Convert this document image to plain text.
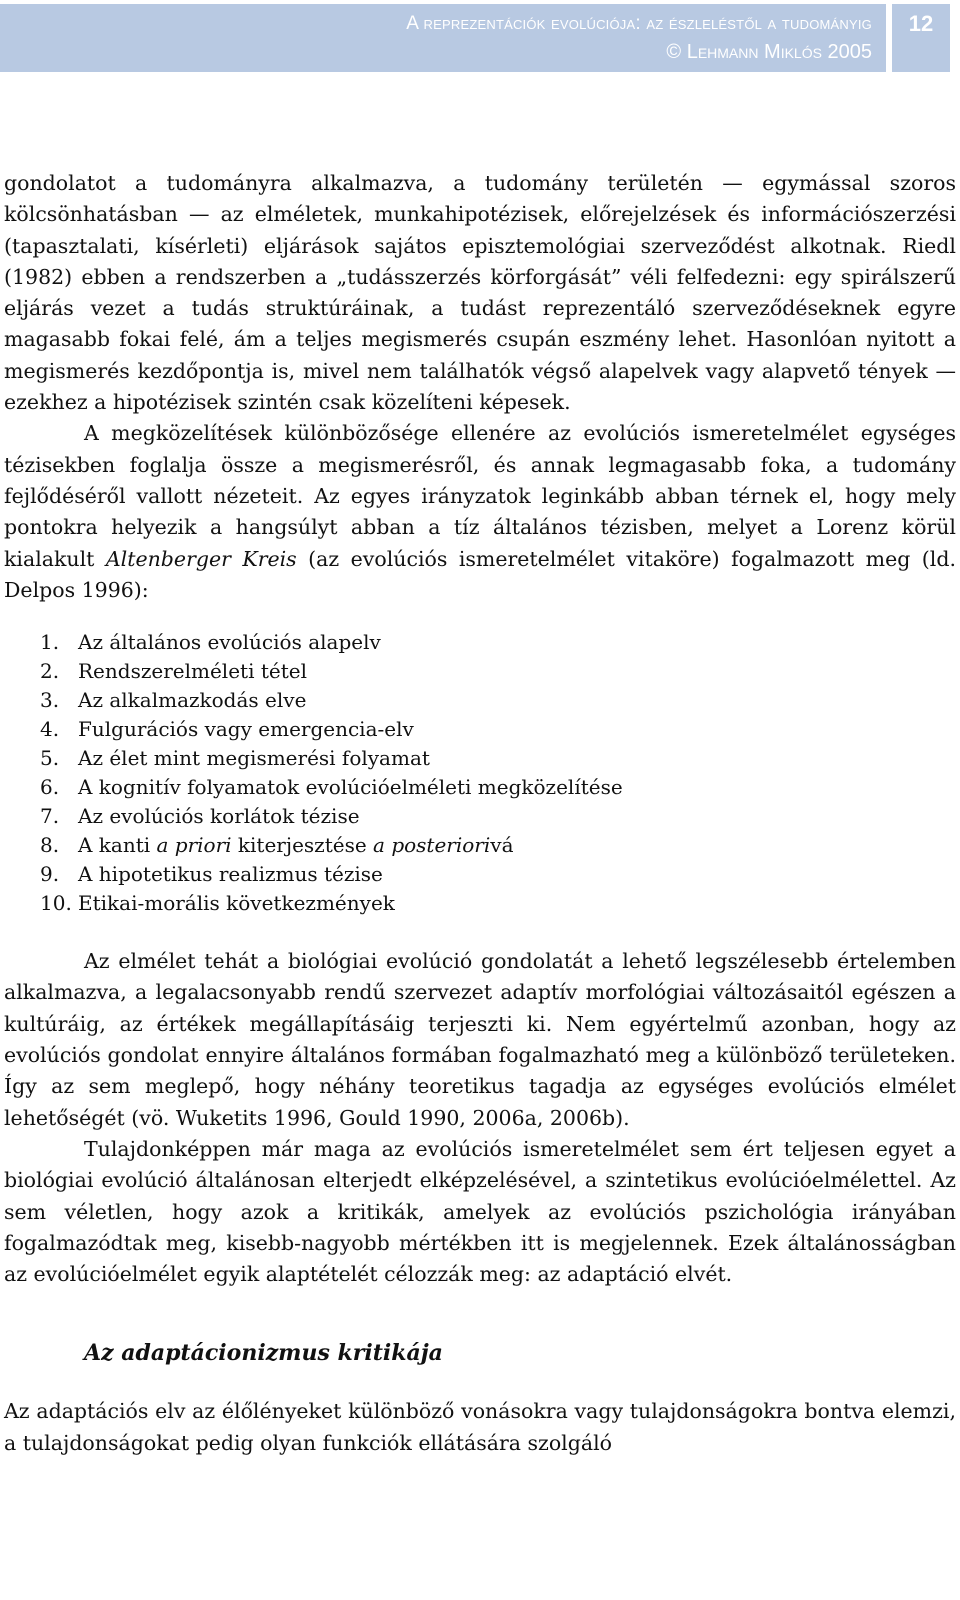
A reprezentációk evolúciója: az észleléstől a tudományig
© Lehmann Miklós 2005
12

gondolatot a tudományra alkalmazva, a tudomány területén — egymással szoros kölcsönhatásban — az elméletek, munkahipotézisek, előrejelzések és információszerzési (tapasztalati, kísérleti) eljárások sajátos episztemológiai szerveződést alkotnak. Riedl (1982) ebben a rendszerben a „tudásszerzés körforgását” véli felfedezni: egy spirálszerű eljárás vezet a tudás struktúráinak, a tudást reprezentáló szerveződéseknek egyre magasabb fokai felé, ám a teljes megismerés csupán eszmény lehet. Hasonlóan nyitott a megismerés kezdőpontja is, mivel nem találhatók végső alapelvek vagy alapvető tények — ezekhez a hipotézisek szintén csak közelíteni képesek.

A megközelítések különbözősége ellenére az evolúciós ismeretelmélet egységes tézisekben foglalja össze a megismerésről, és annak legmagasabb foka, a tudomány fejlődéséről vallott nézeteit. Az egyes irányzatok leginkább abban térnek el, hogy mely pontokra helyezik a hangsúlyt abban a tíz általános tézisben, melyet a Lorenz körül kialakult Altenberger Kreis (az evolúciós ismeretelmélet vitaköre) fogalmazott meg (ld. Delpos 1996):

1. Az általános evolúciós alapelv
2. Rendszerelméleti tétel
3. Az alkalmazkodás elve
4. Fulgurációs vagy emergencia-elv
5. Az élet mint megismerési folyamat
6. A kognitív folyamatok evolúcióelméleti megközelítése
7. Az evolúciós korlátok tézise
8. A kanti a priori kiterjesztése a posteriorivá
9. A hipotetikus realizmus tézise
10. Etikai-morális következmények

Az elmélet tehát a biológiai evolúció gondolatát a lehető legszélesebb értelemben alkalmazva, a legalacsonyabb rendű szervezet adaptív morfológiai változásaitól egészen a kultúráig, az értékek megállapításáig terjeszti ki. Nem egyértelmű azonban, hogy az evolúciós gondolat ennyire általános formában fogalmazható meg a különböző területeken. Így az sem meglepő, hogy néhány teoretikus tagadja az egységes evolúciós elmélet lehetőségét (vö. Wuketits 1996, Gould 1990, 2006a, 2006b).

Tulajdonképpen már maga az evolúciós ismeretelmélet sem ért teljesen egyet a biológiai evolúció általánosan elterjedt elképzelésével, a szintetikus evolúcióelmélettel. Az sem véletlen, hogy azok a kritikák, amelyek az evolúciós pszichológia irányában fogalmazódtak meg, kisebb-nagyobb mértékben itt is megjelennek. Ezek általánosságban az evolúcióelmélet egyik alaptételét célozzák meg: az adaptáció elvét.

Az adaptácionizmus kritikája

Az adaptációs elv az élőlényeket különböző vonásokra vagy tulajdonságokra bontva elemzi, a tulajdonságokat pedig olyan funkciók ellátására szolgáló
